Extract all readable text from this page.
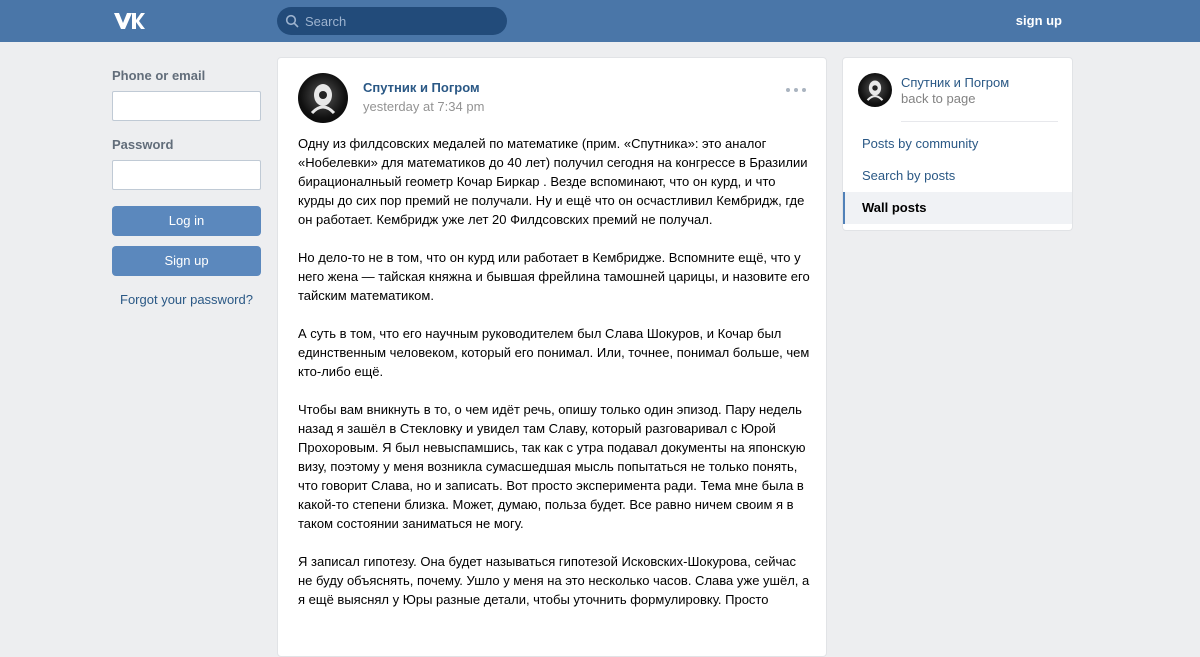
Search
sign up
Phone or email
Password
Log in
Sign up
Forgot your password?
Спутник и Погром
yesterday at 7:34 pm

Одну из филдсовских медалей по математике (прим. «Спутника»: это аналог «Нобелевки» для математиков до 40 лет) получил сегодня на конгрессе в Бразилии бирационалньый геометр Кочар Биркар . Везде вспоминают, что он курд, и что курды до сих пор премий не получали. Ну и ещё что он осчастливил Кембридж, где он работает. Кембридж уже лет 20 Филдсовских премий не получал.

Но дело-то не в том, что он курд или работает в Кембридже. Вспомните ещё, что у него жена — тайская княжна и бывшая фрейлина тамошней царицы, и назовите его тайским математиком.

А суть в том, что его научным руководителем был Слава Шокуров, и Кочар был единственным человеком, который его понимал. Или, точнее, понимал больше, чем кто-либо ещё.

Чтобы вам вникнуть в то, о чем идёт речь, опишу только один эпизод. Пару недель назад я зашёл в Стекловку и увидел там Славу, который разговаривал с Юрой Прохоровым. Я был невыспамшись, так как с утра подавал документы на японскую визу, поэтому у меня возникла сумасшедшая мысль попытаться не только понять, что говорит Слава, но и записать. Вот просто эксперимента ради. Тема мне была в какой-то степени близка. Может, думаю, польза будет. Все равно ничем своим я в таком состоянии заниматься не могу.

Я записал гипотезу. Она будет называться гипотезой Исковских-Шокурова, сейчас не буду объяснять, почему. Ушло у меня на это несколько часов. Слава уже ушёл, а я ещё выяснял у Юры разные детали, чтобы уточнить формулировку. Просто

Спутник и Погром
back to page
Posts by community
Search by posts
Wall posts
